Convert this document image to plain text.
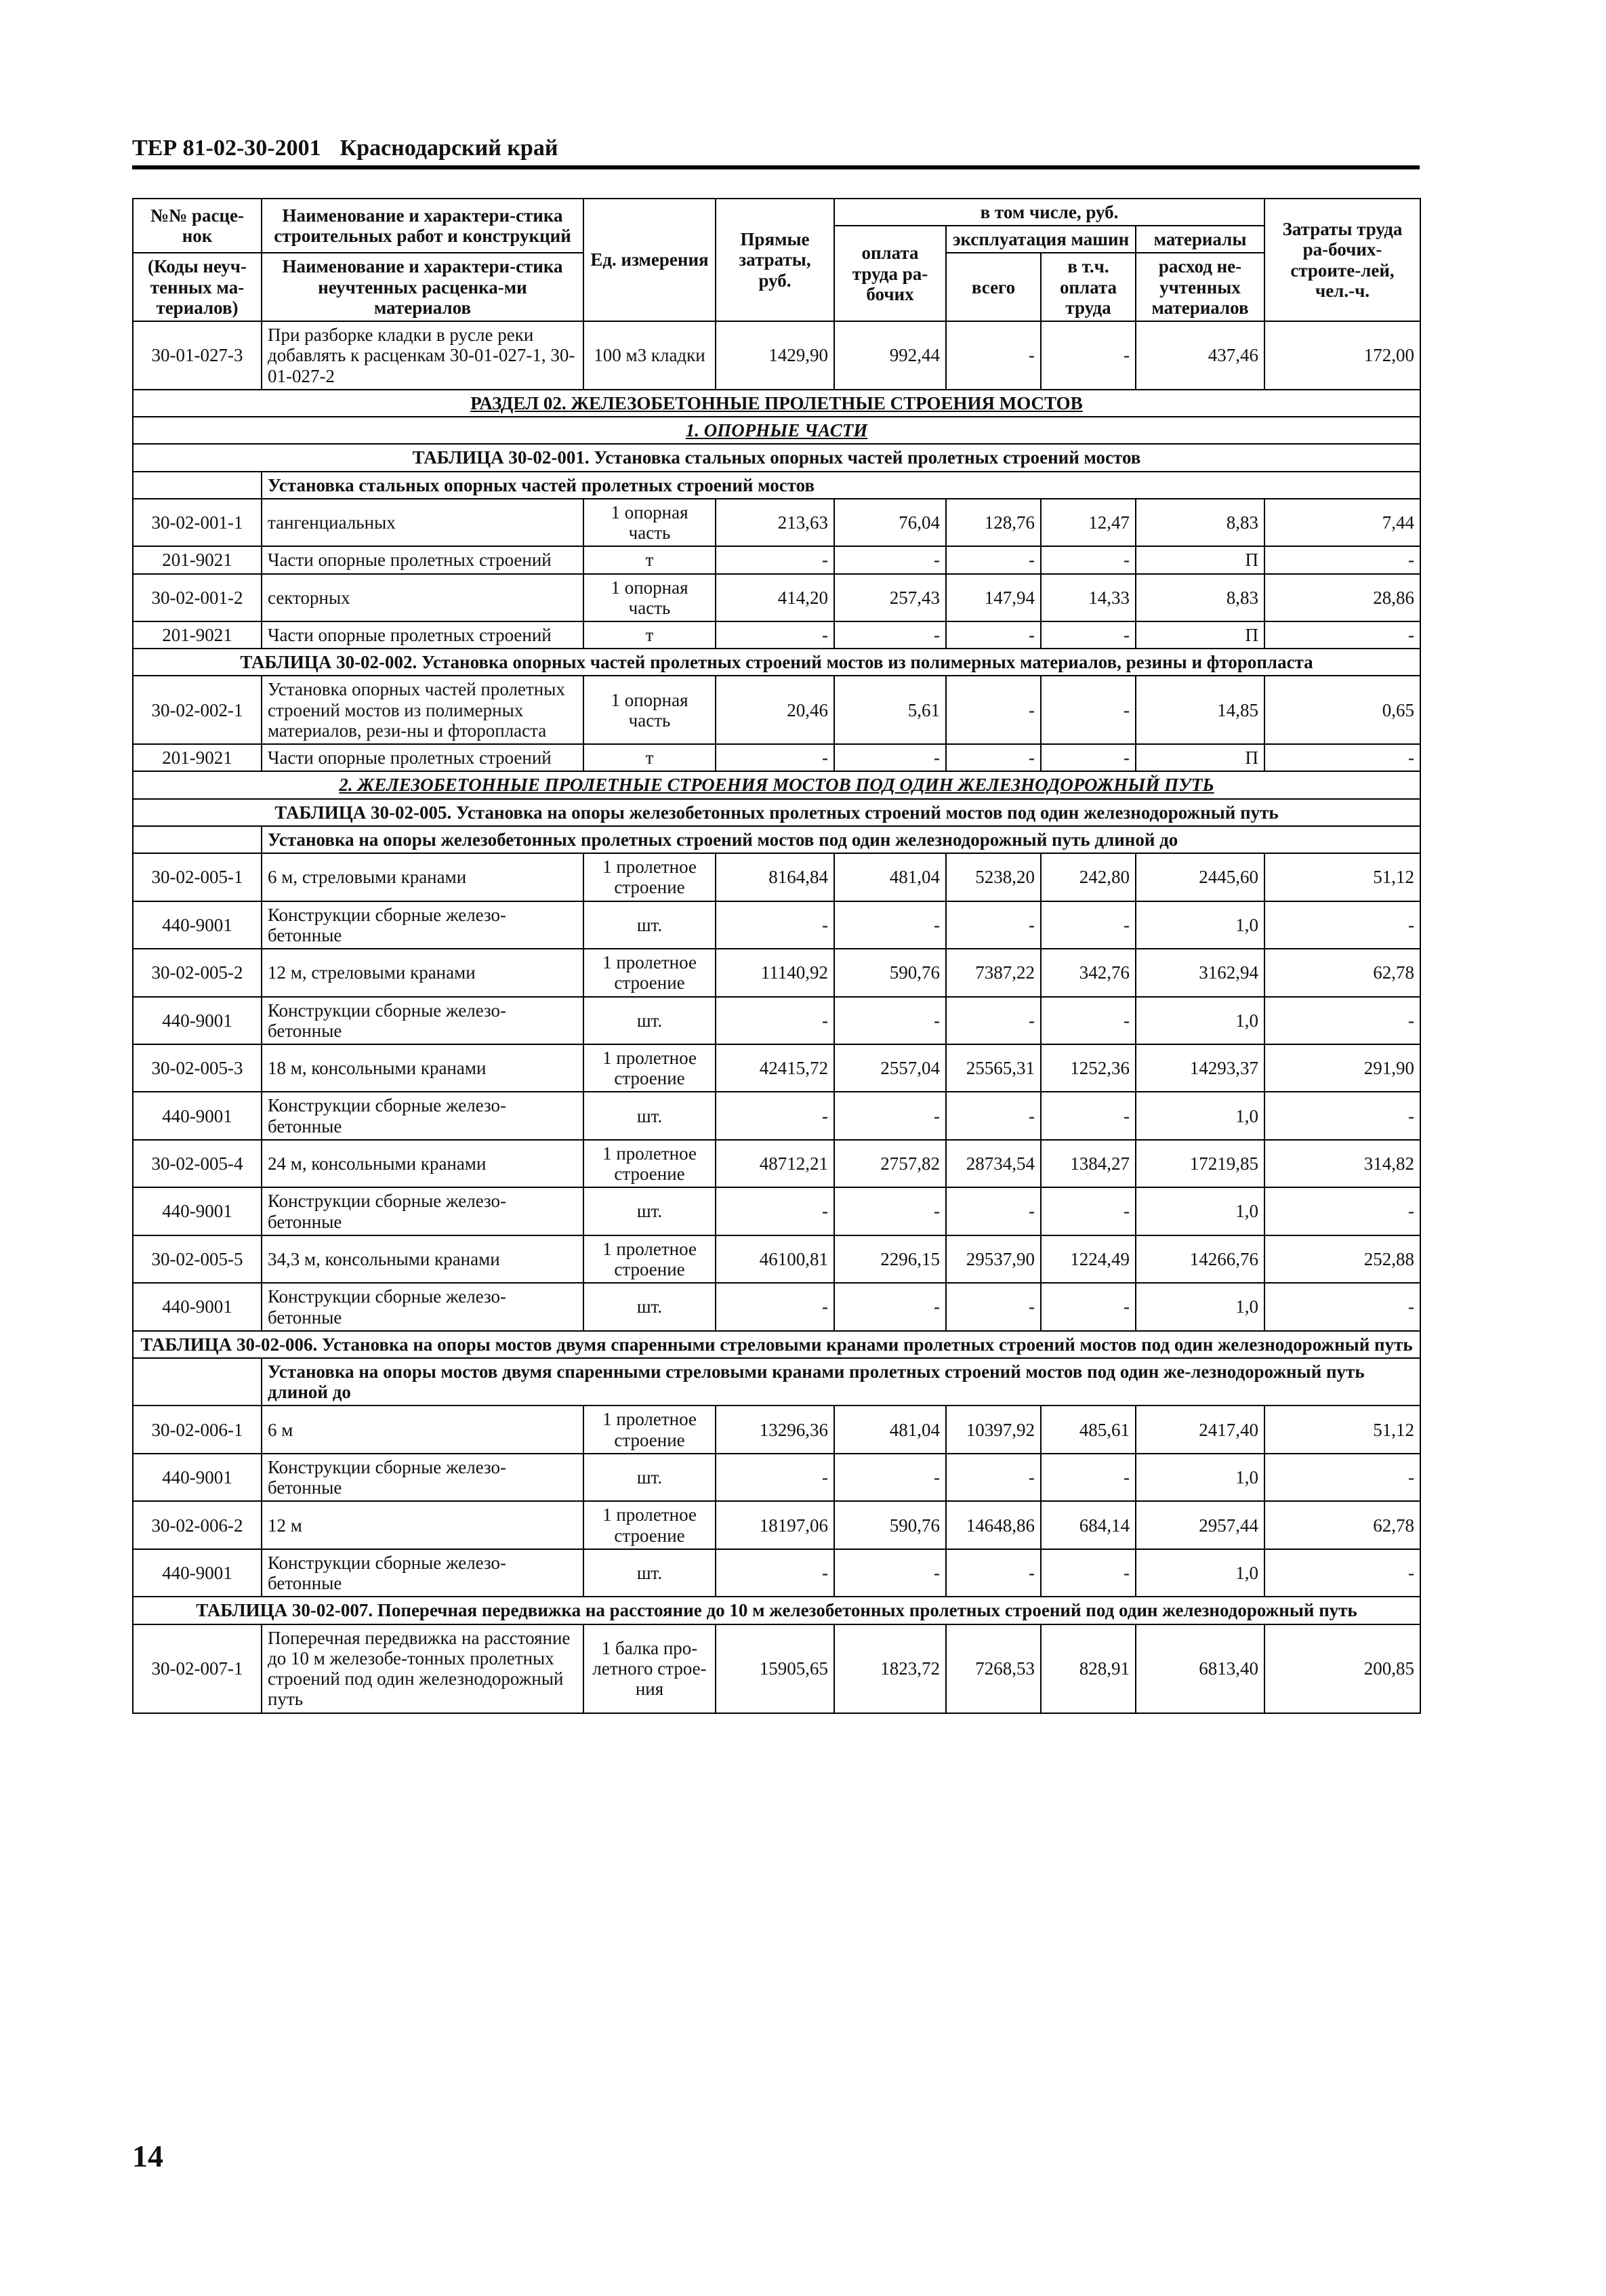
ТЕР 81-02-30-2001 Краснодарский край
№№ расце-нок	Наименование и характери-стика строительных работ и конструкций	Ед. измерения	Прямые затраты, руб.	в том числе, руб.				Затраты труда ра-бочих-строите-лей, чел.-ч.
				оплата труда ра-бочих	эксплуатация машин		материалы	
(Коды неуч-тенных ма-териалов)	Наименование и характери-стика неучтенных расценка-ми материалов				всего	в т.ч. оплата труда	расход не-учтенных материалов	

30-01-027-3	При разборке кладки в русле реки добавлять к расценкам 30-01-027-1, 30-01-027-2	100 м3 кладки	1429,90	992,44	-	-	437,46	172,00
РАЗДЕЛ 02. ЖЕЛЕЗОБЕТОННЫЕ ПРОЛЕТНЫЕ СТРОЕНИЯ МОСТОВ								
1. ОПОРНЫЕ ЧАСТИ								
ТАБЛИЦА 30-02-001. Установка стальных опорных частей пролетных строений мостов								
	Установка стальных опорных частей пролетных строений мостов							
30-02-001-1	тангенциальных	1 опорная часть	213,63	76,04	128,76	12,47	8,83	7,44
201-9021	Части опорные пролетных строений	т	-	-	-	-	П	-
30-02-001-2	секторных	1 опорная часть	414,20	257,43	147,94	14,33	8,83	28,86
201-9021	Части опорные пролетных строений	т	-	-	-	-	П	-
ТАБЛИЦА 30-02-002. Установка опорных частей пролетных строений мостов из полимерных материалов, резины и фторопласта								
30-02-002-1	Установка опорных частей пролетных строений мостов из полимерных материалов, рези-ны и фторопласта	1 опорная часть	20,46	5,61	-	-	14,85	0,65
201-9021	Части опорные пролетных строений	т	-	-	-	-	П	-
2. ЖЕЛЕЗОБЕТОННЫЕ ПРОЛЕТНЫЕ СТРОЕНИЯ МОСТОВ ПОД ОДИН ЖЕЛЕЗНОДОРОЖНЫЙ ПУТЬ								
ТАБЛИЦА 30-02-005. Установка на опоры железобетонных пролетных строений мостов под один железнодорожный путь								
	Установка на опоры железобетонных пролетных строений мостов под один железнодорожный путь длиной до							
30-02-005-1	6 м, стреловыми кранами	1 пролетное строение	8164,84	481,04	5238,20	242,80	2445,60	51,12
440-9001	Конструкции сборные железо-бетонные	шт.	-	-	-	-	1,0	-
30-02-005-2	12 м, стреловыми кранами	1 пролетное строение	11140,92	590,76	7387,22	342,76	3162,94	62,78
440-9001	Конструкции сборные железо-бетонные	шт.	-	-	-	-	1,0	-
30-02-005-3	18 м, консольными кранами	1 пролетное строение	42415,72	2557,04	25565,31	1252,36	14293,37	291,90
440-9001	Конструкции сборные железо-бетонные	шт.	-	-	-	-	1,0	-
30-02-005-4	24 м, консольными кранами	1 пролетное строение	48712,21	2757,82	28734,54	1384,27	17219,85	314,82
440-9001	Конструкции сборные железо-бетонные	шт.	-	-	-	-	1,0	-
30-02-005-5	34,3 м, консольными кранами	1 пролетное строение	46100,81	2296,15	29537,90	1224,49	14266,76	252,88
440-9001	Конструкции сборные железо-бетонные	шт.	-	-	-	-	1,0	-
ТАБЛИЦА 30-02-006. Установка на опоры мостов двумя спаренными стреловыми кранами пролетных строений мостов под один железнодорожный путь								
	Установка на опоры мостов двумя спаренными стреловыми кранами пролетных строений мостов под один же-лезнодорожный путь длиной до							
30-02-006-1	6 м	1 пролетное строение	13296,36	481,04	10397,92	485,61	2417,40	51,12
440-9001	Конструкции сборные железо-бетонные	шт.	-	-	-	-	1,0	-
30-02-006-2	12 м	1 пролетное строение	18197,06	590,76	14648,86	684,14	2957,44	62,78
440-9001	Конструкции сборные железо-бетонные	шт.	-	-	-	-	1,0	-
ТАБЛИЦА 30-02-007. Поперечная передвижка на расстояние до 10 м железобетонных пролетных строений под один железнодорожный путь								
30-02-007-1	Поперечная передвижка на расстояние до 10 м железобе-тонных пролетных строений под один железнодорожный путь	1 балка про-летного строе-ния	15905,65	1823,72	7268,53	828,91	6813,40	200,85
14
